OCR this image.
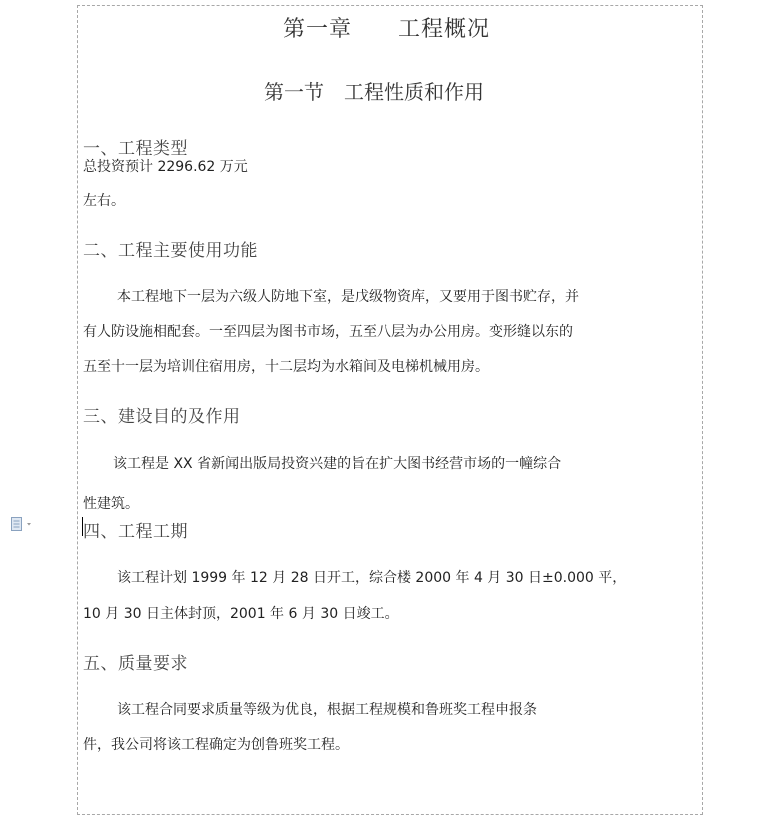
第一章 工程概况
第一节 工程性质和作用
一、工程类型
总投资预计 2296.62 万元
左右。
二、工程主要使用功能
本工程地下一层为六级人防地下室，是戊级物资库，又要用于图书贮存，并
有人防设施相配套。一至四层为图书市场，五至八层为办公用房。变形缝以东的
五至十一层为培训住宿用房，十二层均为水箱间及电梯机械用房。
三、建设目的及作用
该工程是 XX 省新闻出版局投资兴建的旨在扩大图书经营市场的一幢综合
性建筑。
四、工程工期
该工程计划 1999 年 12 月 28 日开工，综合楼 2000 年 4 月 30 日±0.000 平，
10 月 30 日主体封顶，2001 年 6 月 30 日竣工。
五、质量要求
该工程合同要求质量等级为优良，根据工程规模和鲁班奖工程申报条
件，我公司将该工程确定为创鲁班奖工程。
